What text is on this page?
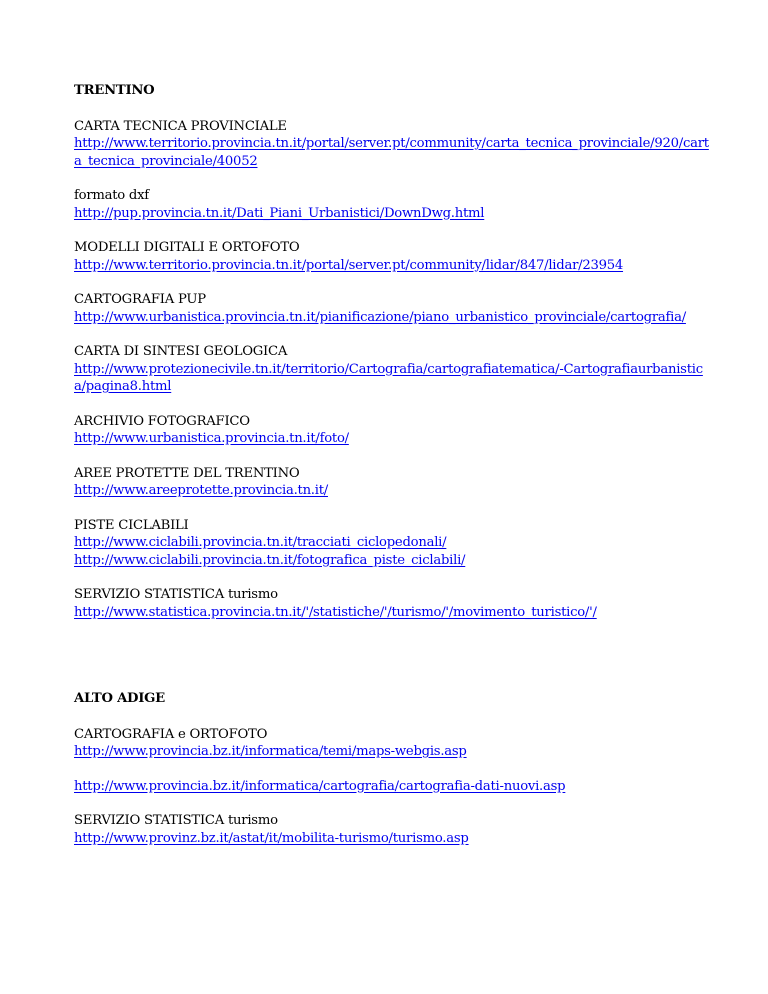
TRENTINO
CARTA TECNICA PROVINCIALE
http://www.territorio.provincia.tn.it/portal/server.pt/community/carta_tecnica_provinciale/920/carta_tecnica_provinciale/40052
formato dxf
http://pup.provincia.tn.it/Dati_Piani_Urbanistici/DownDwg.html
MODELLI DIGITALI E ORTOFOTO
http://www.territorio.provincia.tn.it/portal/server.pt/community/lidar/847/lidar/23954
CARTOGRAFIA PUP
http://www.urbanistica.provincia.tn.it/pianificazione/piano_urbanistico_provinciale/cartografia/
CARTA DI SINTESI GEOLOGICA
http://www.protezionecivile.tn.it/territorio/Cartografia/cartografiatematica/-Cartografiaurbanistica/pagina8.html
ARCHIVIO FOTOGRAFICO
http://www.urbanistica.provincia.tn.it/foto/
AREE PROTETTE DEL TRENTINO
http://www.areeprotette.provincia.tn.it/
PISTE CICLABILI
http://www.ciclabili.provincia.tn.it/tracciati_ciclopedonali/
http://www.ciclabili.provincia.tn.it/fotografica_piste_ciclabili/
SERVIZIO STATISTICA turismo
http://www.statistica.provincia.tn.it/'/statistiche/'/turismo/'/movimento_turistico/'/
ALTO ADIGE
CARTOGRAFIA e ORTOFOTO
http://www.provincia.bz.it/informatica/temi/maps-webgis.asp
http://www.provincia.bz.it/informatica/cartografia/cartografia-dati-nuovi.asp
SERVIZIO STATISTICA turismo
http://www.provinz.bz.it/astat/it/mobilita-turismo/turismo.asp
